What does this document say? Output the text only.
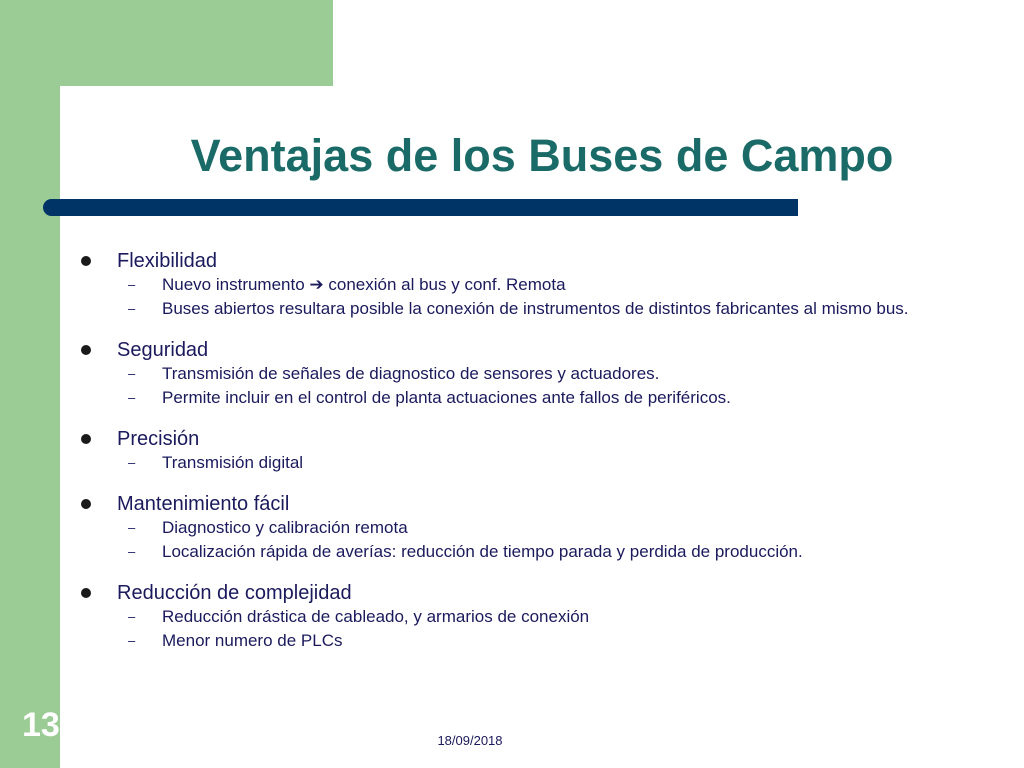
Ventajas de los Buses de Campo
Flexibilidad
–	Nuevo instrumento ➔ conexión al bus y conf. Remota
–	Buses abiertos resultara posible la conexión de instrumentos de distintos fabricantes al mismo bus.
Seguridad
–	Transmisión de señales de diagnostico de sensores y actuadores.
–	Permite incluir en el control de planta actuaciones ante fallos de periféricos.
Precisión
–	Transmisión digital
Mantenimiento fácil
–	Diagnostico y calibración remota
–	Localización rápida de averías: reducción de tiempo parada y perdida de producción.
Reducción de complejidad
–	Reducción drástica de cableado, y armarios de conexión
–	Menor numero de PLCs
13	18/09/2018
